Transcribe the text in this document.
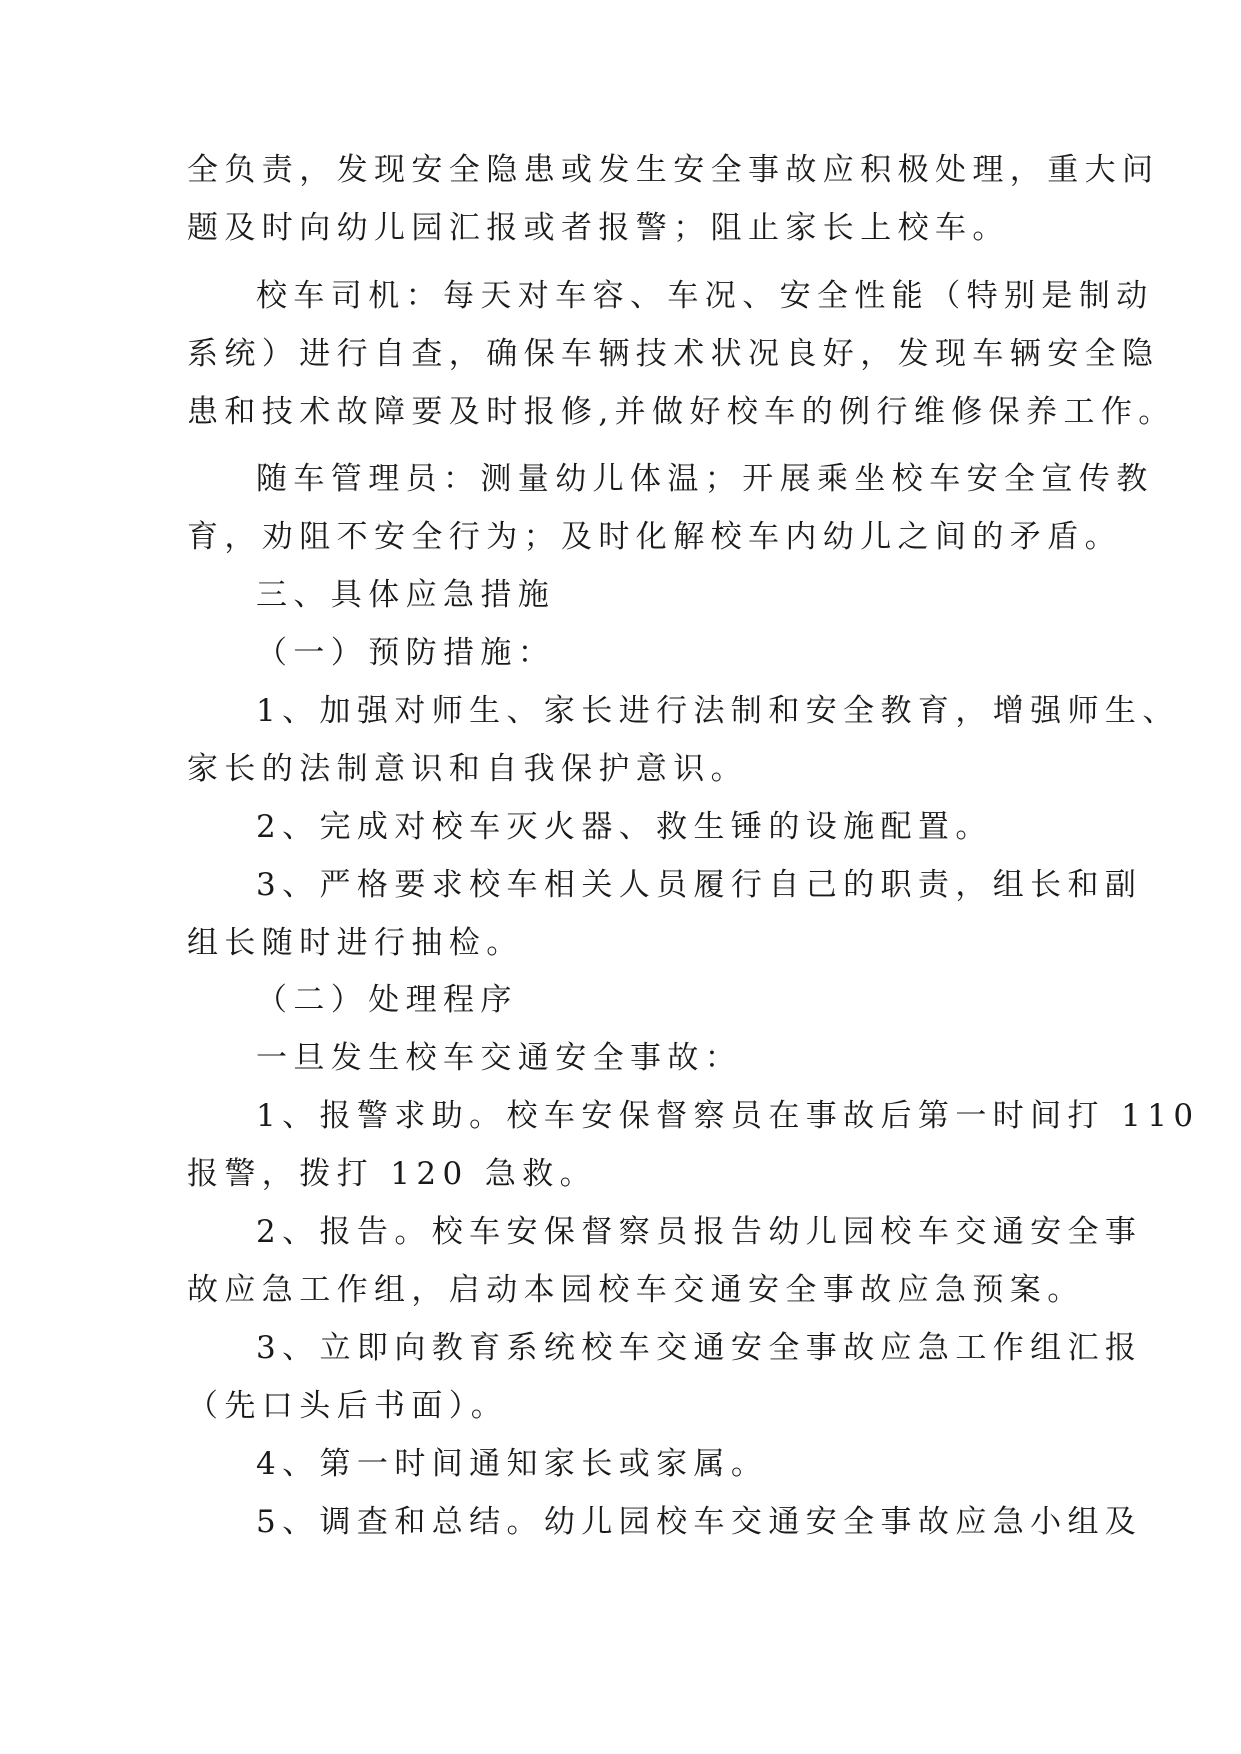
全负责，发现安全隐患或发生安全事故应积极处理，重大问
题及时向幼儿园汇报或者报警；阻止家长上校车。
校车司机：每天对车容、车况、安全性能（特别是制动
系统）进行自查，确保车辆技术状况良好，发现车辆安全隐
患和技术故障要及时报修,并做好校车的例行维修保养工作。
随车管理员：测量幼儿体温；开展乘坐校车安全宣传教
育，劝阻不安全行为；及时化解校车内幼儿之间的矛盾。
三、具体应急措施
（一）预防措施：
1、加强对师生、家长进行法制和安全教育，增强师生、
家长的法制意识和自我保护意识。
2、完成对校车灭火器、救生锤的设施配置。
3、严格要求校车相关人员履行自己的职责，组长和副
组长随时进行抽检。
（二）处理程序
一旦发生校车交通安全事故：
1、报警求助。校车安保督察员在事故后第一时间打 110
报警，拨打 120 急救。
2、报告。校车安保督察员报告幼儿园校车交通安全事
故应急工作组，启动本园校车交通安全事故应急预案。
3、立即向教育系统校车交通安全事故应急工作组汇报
（先口头后书面）。
4、第一时间通知家长或家属。
5、调查和总结。幼儿园校车交通安全事故应急小组及
